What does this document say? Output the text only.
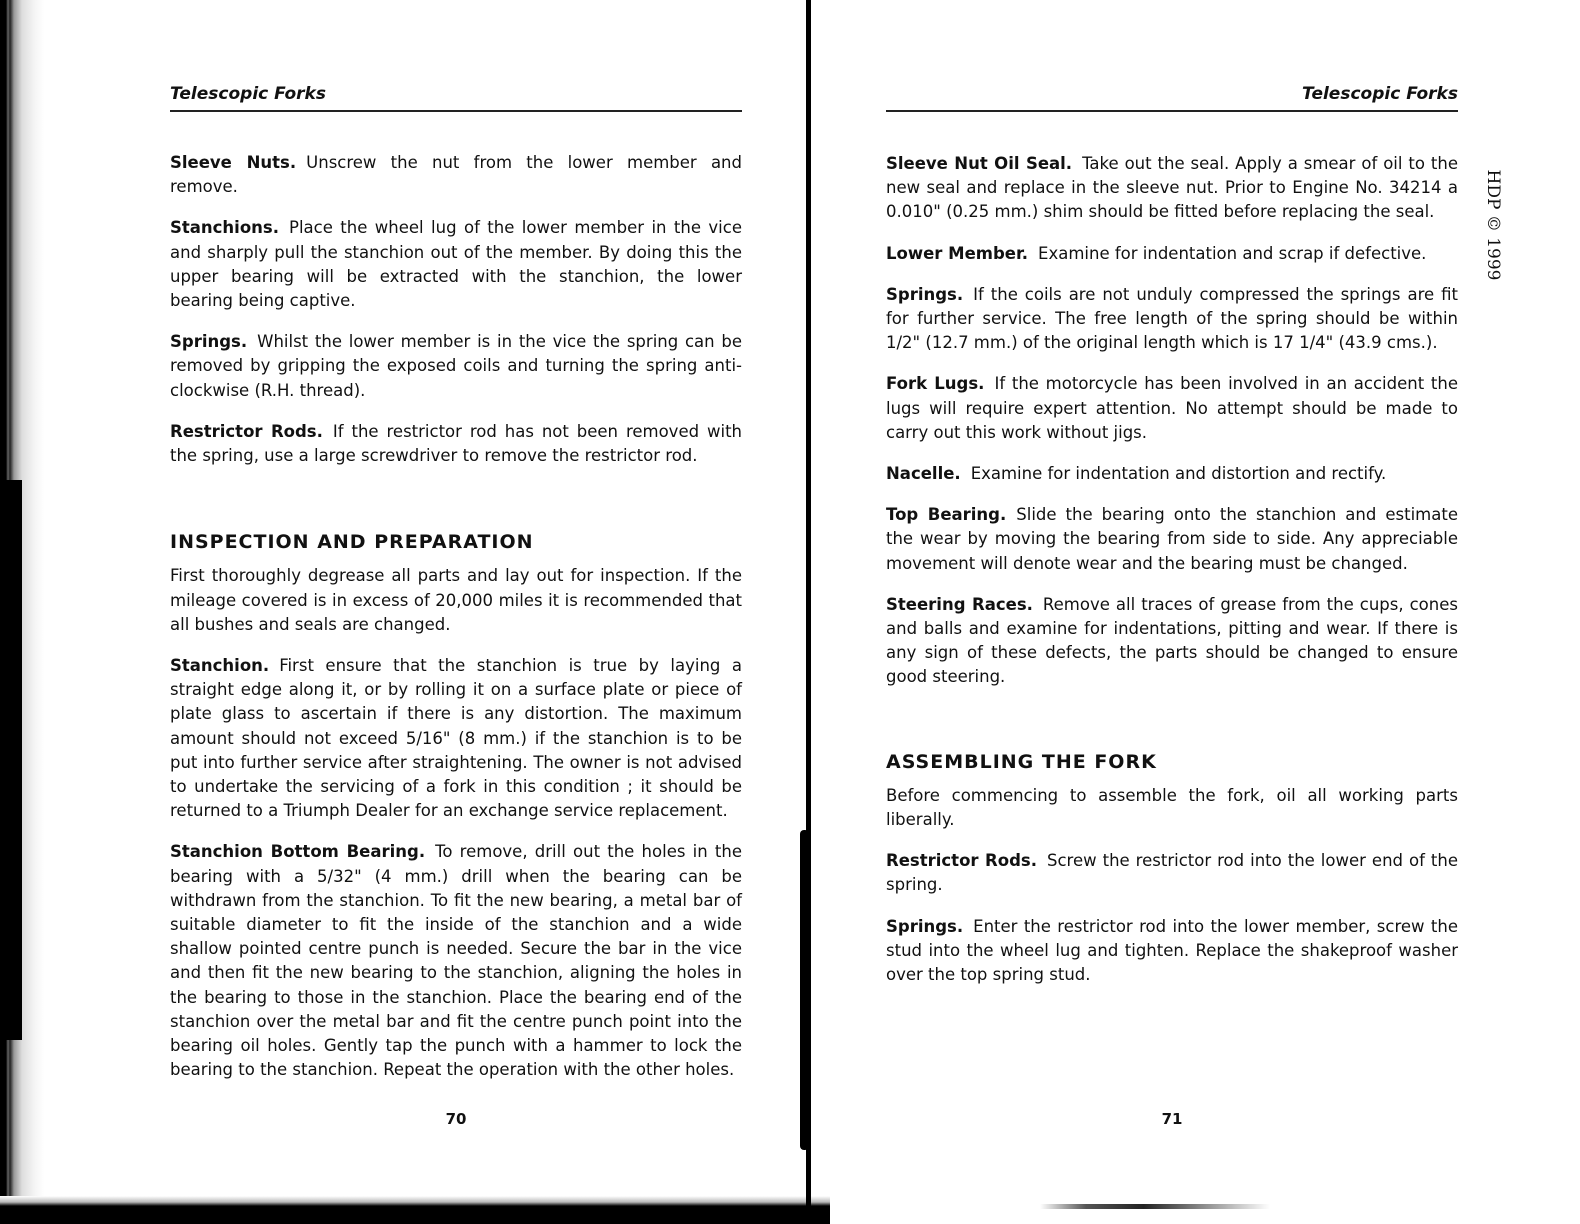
Telescopic Forks

Sleeve Nuts. Unscrew the nut from the lower member and remove.

Stanchions. Place the wheel lug of the lower member in the vice and sharply pull the stanchion out of the member. By doing this the upper bearing will be extracted with the stanchion, the lower bearing being captive.

Springs. Whilst the lower member is in the vice the spring can be removed by gripping the exposed coils and turning the spring anti-clockwise (R.H. thread).

Restrictor Rods. If the restrictor rod has not been removed with the spring, use a large screwdriver to remove the restrictor rod.

INSPECTION AND PREPARATION

First thoroughly degrease all parts and lay out for inspection. If the mileage covered is in excess of 20,000 miles it is recommended that all bushes and seals are changed.

Stanchion. First ensure that the stanchion is true by laying a straight edge along it, or by rolling it on a surface plate or piece of plate glass to ascertain if there is any distortion. The maximum amount should not exceed 5/16" (8 mm.) if the stanchion is to be put into further service after straightening. The owner is not advised to undertake the servicing of a fork in this condition ; it should be returned to a Triumph Dealer for an exchange service replacement.

Stanchion Bottom Bearing. To remove, drill out the holes in the bearing with a 5/32" (4 mm.) drill when the bearing can be withdrawn from the stanchion. To fit the new bearing, a metal bar of suitable diameter to fit the inside of the stanchion and a wide shallow pointed centre punch is needed. Secure the bar in the vice and then fit the new bearing to the stanchion, aligning the holes in the bearing to those in the stanchion. Place the bearing end of the stanchion over the metal bar and fit the centre punch point into the bearing oil holes. Gently tap the punch with a hammer to lock the bearing to the stanchion. Repeat the operation with the other holes.

70
Telescopic Forks

Sleeve Nut Oil Seal. Take out the seal. Apply a smear of oil to the new seal and replace in the sleeve nut. Prior to Engine No. 34214 a 0.010" (0.25 mm.) shim should be fitted before replacing the seal.

Lower Member. Examine for indentation and scrap if defective.

Springs. If the coils are not unduly compressed the springs are fit for further service. The free length of the spring should be within 1/2" (12.7 mm.) of the original length which is 17 1/4" (43.9 cms.).

Fork Lugs. If the motorcycle has been involved in an accident the lugs will require expert attention. No attempt should be made to carry out this work without jigs.

Nacelle. Examine for indentation and distortion and rectify.

Top Bearing. Slide the bearing onto the stanchion and estimate the wear by moving the bearing from side to side. Any appreciable movement will denote wear and the bearing must be changed.

Steering Races. Remove all traces of grease from the cups, cones and balls and examine for indentations, pitting and wear. If there is any sign of these defects, the parts should be changed to ensure good steering.

ASSEMBLING THE FORK

Before commencing to assemble the fork, oil all working parts liberally.

Restrictor Rods. Screw the restrictor rod into the lower end of the spring.

Springs. Enter the restrictor rod into the lower member, screw the stud into the wheel lug and tighten. Replace the shakeproof washer over the top spring stud.

71
HDP © 1999
